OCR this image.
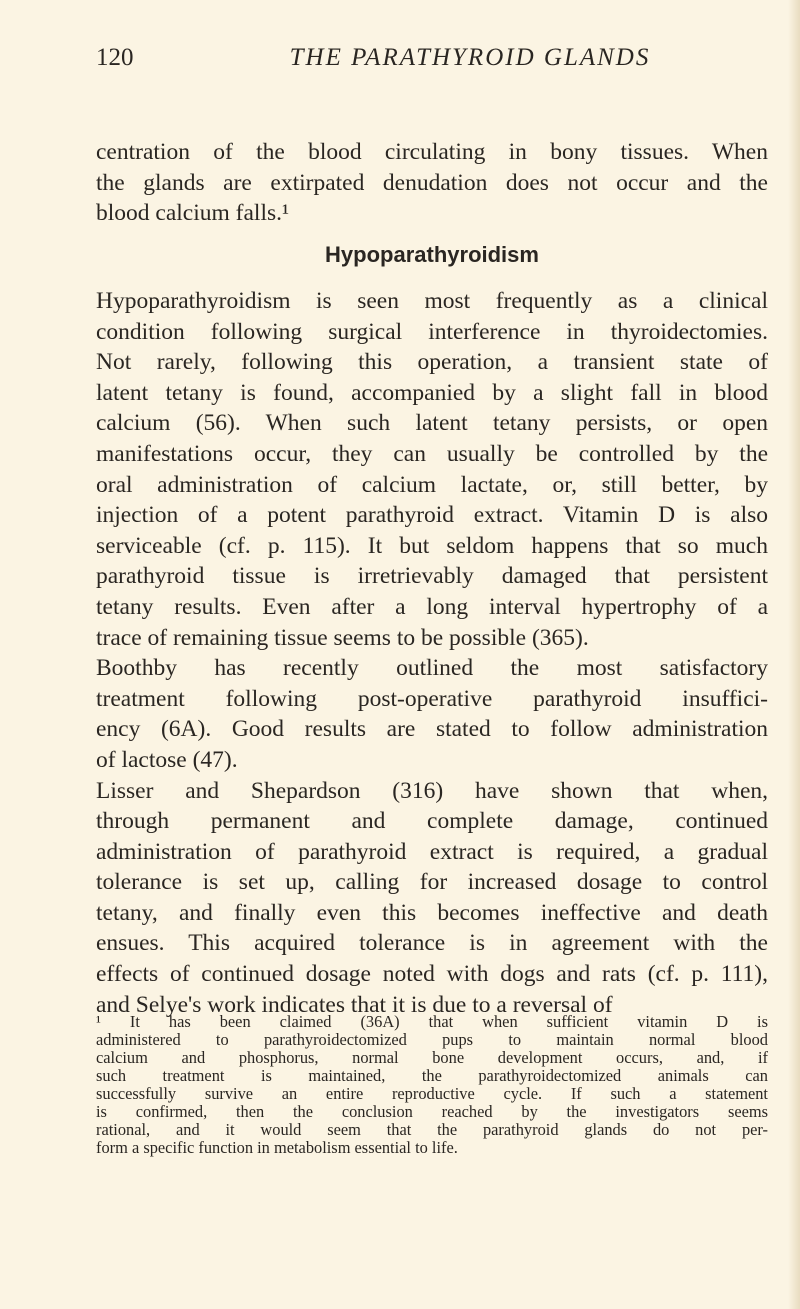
120	THE PARATHYROID GLANDS
centration of the blood circulating in bony tissues. When
the glands are extirpated denudation does not occur and the
blood calcium falls.¹
Hypoparathyroidism
Hypoparathyroidism is seen most frequently as a clinical
condition following surgical interference in thyroidectomies.
Not rarely, following this operation, a transient state of
latent tetany is found, accompanied by a slight fall in blood
calcium (56). When such latent tetany persists, or open
manifestations occur, they can usually be controlled by the
oral administration of calcium lactate, or, still better, by
injection of a potent parathyroid extract. Vitamin D is also
serviceable (cf. p. 115). It but seldom happens that so much
parathyroid tissue is irretrievably damaged that persistent
tetany results. Even after a long interval hypertrophy of a
trace of remaining tissue seems to be possible (365).
Boothby has recently outlined the most satisfactory
treatment following post-operative parathyroid insuffici-
ency (6A). Good results are stated to follow administration
of lactose (47).
Lisser and Shepardson (316) have shown that when,
through permanent and complete damage, continued
administration of parathyroid extract is required, a gradual
tolerance is set up, calling for increased dosage to control
tetany, and finally even this becomes ineffective and death
ensues. This acquired tolerance is in agreement with the
effects of continued dosage noted with dogs and rats (cf. p. 111),
and Selye's work indicates that it is due to a reversal of
¹ It has been claimed (36A) that when sufficient vitamin D is
administered to parathyroidectomized pups to maintain normal blood
calcium and phosphorus, normal bone development occurs, and, if
such treatment is maintained, the parathyroidectomized animals can
successfully survive an entire reproductive cycle. If such a statement
is confirmed, then the conclusion reached by the investigators seems
rational, and it would seem that the parathyroid glands do not per-
form a specific function in metabolism essential to life.
